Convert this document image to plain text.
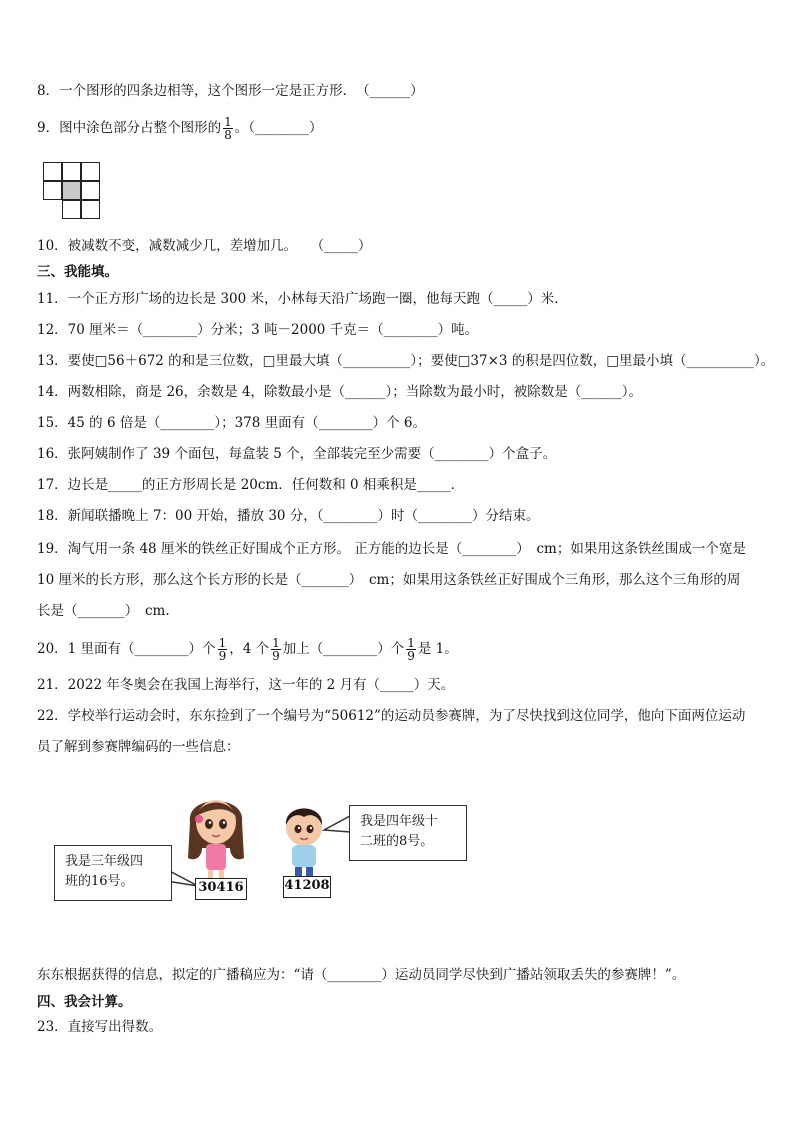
8．一个图形的四条边相等，这个图形一定是正方形．　（______）
9．图中涂色部分占整个图形的 $\frac{1}{8}$ 。（________）
10．被减数不变，减数减少几，差增加几。　　（_____）
三、我能填。
11．一个正方形广场的边长是 300 米，小林每天沿广场跑一圈，他每天跑（_____）米．
12．70 厘米＝（________）分米；3 吨－2000 千克＝（________）吨。
13．要使□56＋672 的和是三位数，□里最大填（__________）；要使□37×3 的积是四位数，□里最小填（__________）。
14．两数相除，商是 26，余数是 4，除数最小是（______）；当除数为最小时，被除数是（______）。
15．45 的 6 倍是（________）；378 里面有（________）个 6。
16．张阿姨制作了 39 个面包，每盒装 5 个，全部装完至少需要（________）个盒子。
17．边长是_____的正方形周长是 20cm．任何数和 0 相乘积是_____．
18．新闻联播晚上 7：00 开始，播放 30 分，（________）时（________）分结束。
19．淘气用一条 48 厘米的铁丝正好围成个正方形。 正方能的边长是（________）　cm；如果用这条铁丝围成一个宽是
10 厘米的长方形，那么这个长方形的长是（_______）　cm；如果用这条铁丝正好围成个三角形，那么这个三角形的周
长是（_______）　cm.
20．1 里面有（________）个 $\frac{1}{9}$ ，4 个 $\frac{1}{9}$ 加上（________）个 $\frac{1}{9}$ 是 1。
21．2022 年冬奥会在我国上海举行，这一年的 2 月有（_____）天。
22．学校举行运动会时，东东捡到了一个编号为“50612”的运动员参赛牌，为了尽快找到这位同学，他向下面两位运动
员了解到参赛牌编码的一些信息：
我是三年级四
班的16号。	30416	41208
我是四年级十
二班的8号。
东东根据获得的信息，拟定的广播稿应为：“请（________）运动员同学尽快到广播站领取丢失的参赛牌！”。
四、我会计算。
23．直接写出得数。
